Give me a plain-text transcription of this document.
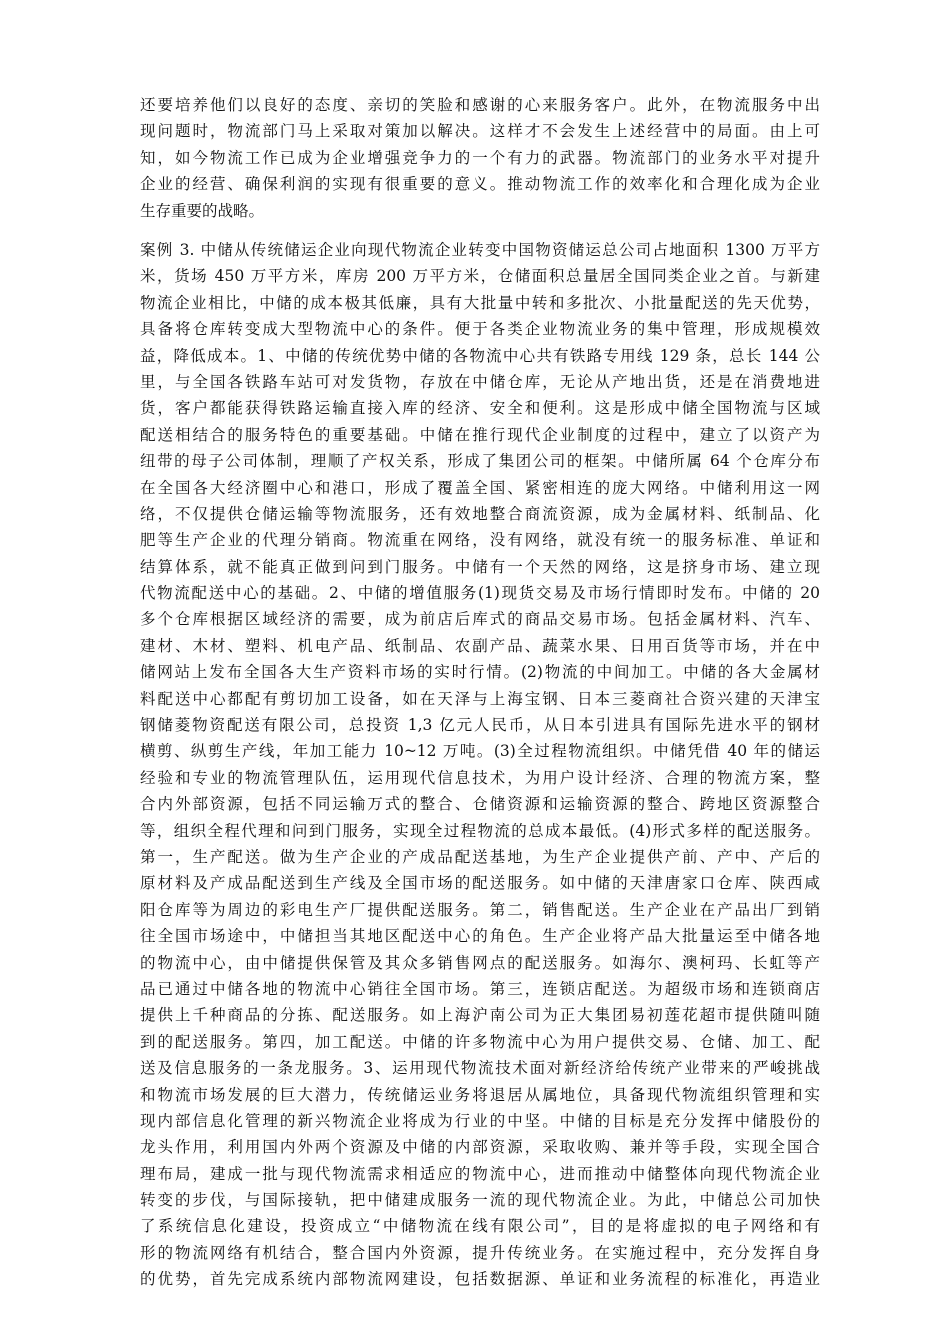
还要培养他们以良好的态度、亲切的笑脸和感谢的心来服务客户。此外，在物流服务中出
现问题时，物流部门马上采取对策加以解决。这样才不会发生上述经营中的局面。由上可
知，如今物流工作已成为企业增强竞争力的一个有力的武器。物流部门的业务水平对提升
企业的经营、确保利润的实现有很重要的意义。推动物流工作的效率化和合理化成为企业
生存重要的战略。
案例 3. 中储从传统储运企业向现代物流企业转变中国物资储运总公司占地面积 1300 万平方
米，货场 450 万平方米，库房 200 万平方米，仓储面积总量居全国同类企业之首。与新建
物流企业相比，中储的成本极其低廉，具有大批量中转和多批次、小批量配送的先天优势，
具备将仓库转变成大型物流中心的条件。便于各类企业物流业务的集中管理，形成规模效
益，降低成本。1、中储的传统优势中储的各物流中心共有铁路专用线 129 条，总长 144 公
里，与全国各铁路车站可对发货物，存放在中储仓库，无论从产地出货，还是在消费地进
货，客户都能获得铁路运输直接入库的经济、安全和便利。这是形成中储全国物流与区域
配送相结合的服务特色的重要基础。中储在推行现代企业制度的过程中，建立了以资产为
纽带的母子公司体制，理顺了产权关系，形成了集团公司的框架。中储所属 64 个仓库分布
在全国各大经济圈中心和港口，形成了覆盖全国、紧密相连的庞大网络。中储利用这一网
络，不仅提供仓储运输等物流服务，还有效地整合商流资源，成为金属材料、纸制品、化
肥等生产企业的代理分销商。物流重在网络，没有网络，就没有统一的服务标准、单证和
结算体系，就不能真正做到问到门服务。中储有一个天然的网络，这是挤身市场、建立现
代物流配送中心的基础。2、中储的增值服务(1)现货交易及市场行情即时发布。中储的 20
多个仓库根据区域经济的需要，成为前店后库式的商品交易市场。包括金属材料、汽车、
建材、木材、塑料、机电产品、纸制品、农副产品、蔬菜水果、日用百货等市场，并在中
储网站上发布全国各大生产资料市场的实时行情。(2)物流的中间加工。中储的各大金属材
料配送中心都配有剪切加工设备，如在天泽与上海宝钢、日本三菱商社合资兴建的天津宝
钢储菱物资配送有限公司，总投资 1,3 亿元人民币，从日本引进具有国际先进水平的钢材
横剪、纵剪生产线，年加工能力 10~12 万吨。(3)全过程物流组织。中储凭借 40 年的储运
经验和专业的物流管理队伍，运用现代信息技术，为用户设计经济、合理的物流方案，整
合内外部资源，包括不同运输万式的整合、仓储资源和运输资源的整合、跨地区资源整合
等，组织全程代理和问到门服务，实现全过程物流的总成本最低。(4)形式多样的配送服务。
第一，生产配送。做为生产企业的产成品配送基地，为生产企业提供产前、产中、产后的
原材料及产成品配送到生产线及全国市场的配送服务。如中储的天津唐家口仓库、陕西咸
阳仓库等为周边的彩电生产厂提供配送服务。第二，销售配送。生产企业在产品出厂到销
往全国市场途中，中储担当其地区配送中心的角色。生产企业将产品大批量运至中储各地
的物流中心，由中储提供保管及其众多销售网点的配送服务。如海尔、澳柯玛、长虹等产
品已通过中储各地的物流中心销往全国市场。第三，连锁店配送。为超级市场和连锁商店
提供上千种商品的分拣、配送服务。如上海沪南公司为正大集团易初莲花超市提供随叫随
到的配送服务。第四，加工配送。中储的许多物流中心为用户提供交易、仓储、加工、配
送及信息服务的一条龙服务。3、运用现代物流技术面对新经济给传统产业带来的严峻挑战
和物流市场发展的巨大潜力，传统储运业务将退居从属地位，具备现代物流组织管理和实
现内部信息化管理的新兴物流企业将成为行业的中坚。中储的目标是充分发挥中储股份的
龙头作用，利用国内外两个资源及中储的内部资源，采取收购、兼并等手段，实现全国合
理布局，建成一批与现代物流需求相适应的物流中心，进而推动中储整体向现代物流企业
转变的步伐，与国际接轨，把中储建成服务一流的现代物流企业。为此，中储总公司加快
了系统信息化建设，投资成立“中储物流在线有限公司”，目的是将虚拟的电子网络和有
形的物流网络有机结合，整合国内外资源，提升传统业务。在实施过程中，充分发挥自身
的优势，首先完成系统内部物流网建设，包括数据源、单证和业务流程的标准化，再造业
